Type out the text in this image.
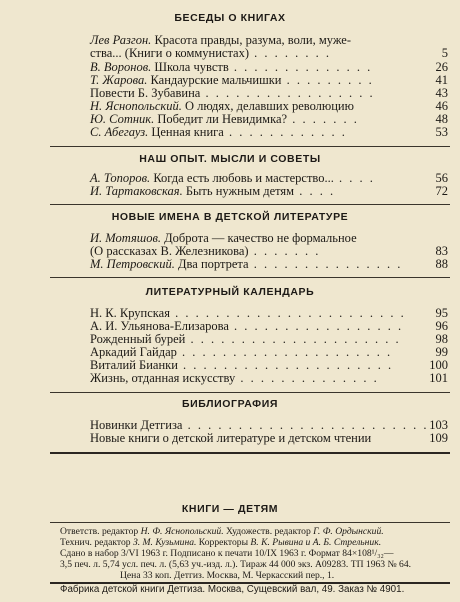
БЕСЕДЫ О КНИГАХ
Лев Разгон. Красота правды, разума, воли, муже-
ства... (Книги о коммунистах) . . . . . . . .	5
В. Воронов. Школа чувств . . . . . . . . . . . . . .	26
Т. Жарова. Кандаурские мальчишки . . . . . . . . .	41
Повести Б. Зубавина . . . . . . . . . . . . . . . . .	43
Н. Яснопольский. О людях, делавших революцию	46
Ю. Сотник. Победит ли Невидимка? . . . . . . .	48
С. Абегауз. Ценная книга . . . . . . . . . . . .	53
НАШ ОПЫТ. МЫСЛИ И СОВЕТЫ
А. Топоров. Когда есть любовь и мастерство... . . . .	56
И. Тартаковская. Быть нужным детям . . . .	72
НОВЫЕ ИМЕНА В ДЕТСКОЙ ЛИТЕРАТУРЕ
И. Мотяшов. Доброта — качество не формальное
(О рассказах В. Железникова) . . . . . . .	83
М. Петровский. Два портрета . . . . . . . . . . . . . . .	88
ЛИТЕРАТУРНЫЙ КАЛЕНДАРЬ
Н. К. Крупская . . . . . . . . . . . . . . . . . . . . . . .	95
А. И. Ульянова-Елизарова . . . . . . . . . . . . . . . . .	96
Рожденный бурей . . . . . . . . . . . . . . . . . . . . .	98
Аркадий Гайдар . . . . . . . . . . . . . . . . . . . . .	99
Виталий Бианки . . . . . . . . . . . . . . . . . . . . .	100
Жизнь, отданная искусству . . . . . . . . . . . . . .	101
БИБЛИОГРАФИЯ
Новинки Детгиза . . . . . . . . . . . . . . . . . . . . . . . . 103
Новые книги о детской литературе и детском чтении	109
КНИГИ — ДЕТЯМ
Ответств. редактор Н. Ф. Яснопольский. Художеств. редактор Г. Ф. Ордынский.
Технич. редактор З. М. Кузьмина. Корректоры В. К. Рывина и А. Б. Стрельник.
Сдано в набор 3/VI 1963 г. Подписано к печати 10/IX 1963 г. Формат 84×108¹/₃₂—
3,5 печ. л. 5,74 усл. печ. л. (5,63 уч.-изд. л.). Тираж 44 000 экз. А09283. ТП 1963 № 64.
Цена 33 коп. Детгиз. Москва, М. Черкасский пер., 1.
Фабрика детской книги Детгиза. Москва, Сущевский вал, 49. Заказ № 4901.
